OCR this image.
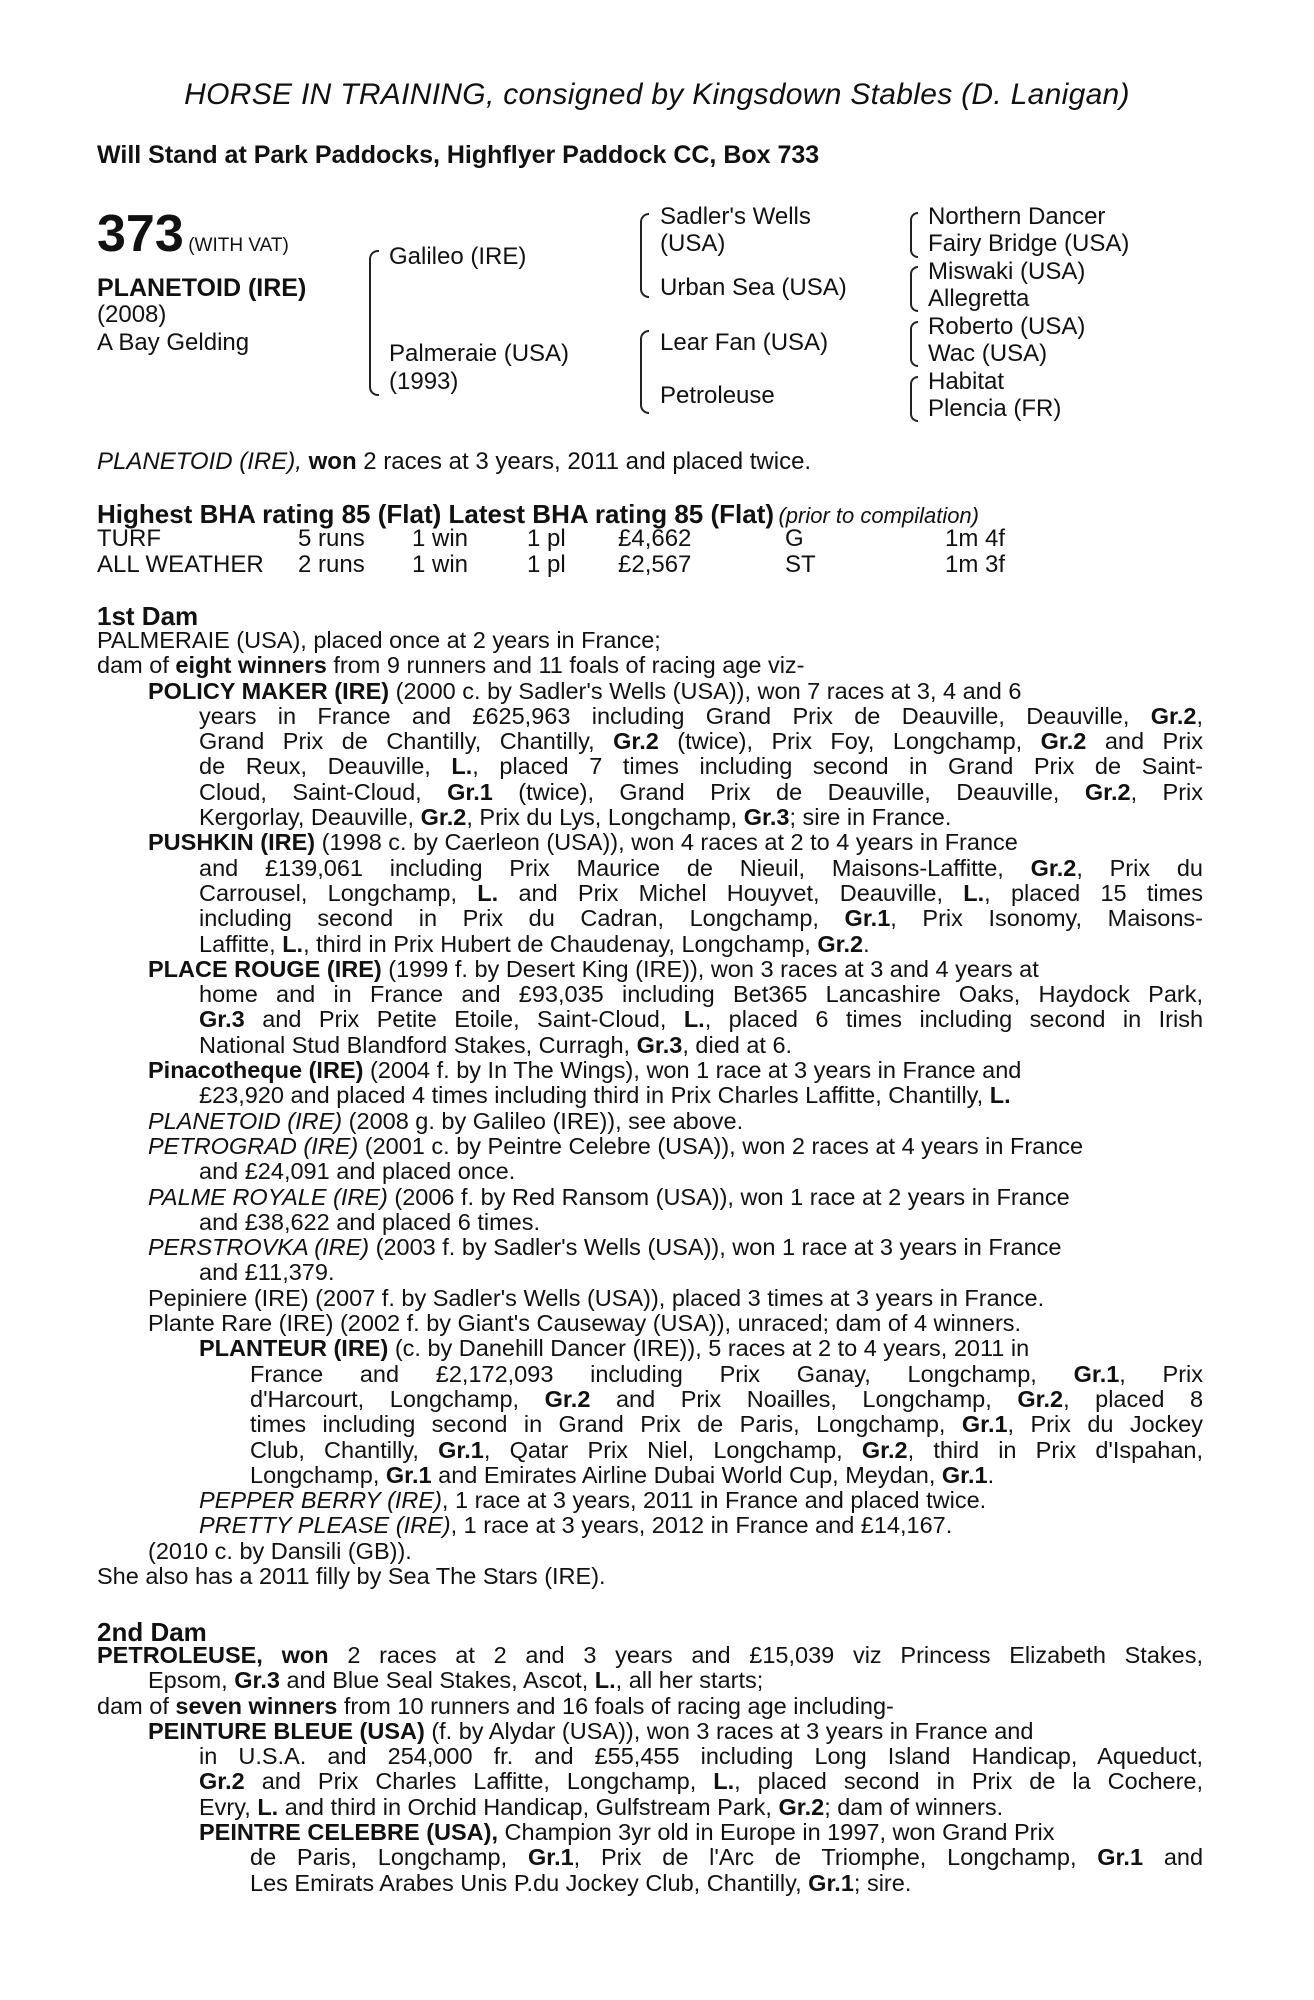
HORSE IN TRAINING, consigned by Kingsdown Stables (D. Lanigan)
Will Stand at Park Paddocks, Highflyer Paddock CC, Box 733
373 (WITH VAT)
PLANETOID (IRE)
(2008)
A Bay Gelding
Galileo (IRE)
Palmeraie (USA)
(1993)
Sadler's Wells
(USA)
Urban Sea (USA)
Lear Fan (USA)
Petroleuse
Northern Dancer
Fairy Bridge (USA)
Miswaki (USA)
Allegretta
Roberto (USA)
Wac (USA)
Habitat
Plencia (FR)
PLANETOID (IRE), won 2 races at 3 years, 2011 and placed twice.
Highest BHA rating 85 (Flat) Latest BHA rating 85 (Flat) (prior to compilation)
TURF	5 runs 1 win 1 pl £4,662	G	1m 4f
ALL WEATHER 2 runs 1 win 1 pl £2,567	ST	1m 3f
1st Dam
PALMERAIE (USA), placed once at 2 years in France;
dam of eight winners from 9 runners and 11 foals of racing age viz-
POLICY MAKER (IRE) (2000 c. by Sadler's Wells (USA)), won 7 races at 3, 4 and 6
years in France and £625,963 including Grand Prix de Deauville, Deauville, Gr.2,
Grand Prix de Chantilly, Chantilly, Gr.2 (twice), Prix Foy, Longchamp, Gr.2 and Prix
de Reux, Deauville, L., placed 7 times including second in Grand Prix de Saint-
Cloud, Saint-Cloud, Gr.1 (twice), Grand Prix de Deauville, Deauville, Gr.2, Prix
Kergorlay, Deauville, Gr.2, Prix du Lys, Longchamp, Gr.3; sire in France.
PUSHKIN (IRE) (1998 c. by Caerleon (USA)), won 4 races at 2 to 4 years in France
and £139,061 including Prix Maurice de Nieuil, Maisons-Laffitte, Gr.2, Prix du
Carrousel, Longchamp, L. and Prix Michel Houyvet, Deauville, L., placed 15 times
including second in Prix du Cadran, Longchamp, Gr.1, Prix Isonomy, Maisons-
Laffitte, L., third in Prix Hubert de Chaudenay, Longchamp, Gr.2.
PLACE ROUGE (IRE) (1999 f. by Desert King (IRE)), won 3 races at 3 and 4 years at
home and in France and £93,035 including Bet365 Lancashire Oaks, Haydock Park,
Gr.3 and Prix Petite Etoile, Saint-Cloud, L., placed 6 times including second in Irish
National Stud Blandford Stakes, Curragh, Gr.3, died at 6.
Pinacotheque (IRE) (2004 f. by In The Wings), won 1 race at 3 years in France and
£23,920 and placed 4 times including third in Prix Charles Laffitte, Chantilly, L.
PLANETOID (IRE) (2008 g. by Galileo (IRE)), see above.
PETROGRAD (IRE) (2001 c. by Peintre Celebre (USA)), won 2 races at 4 years in France
and £24,091 and placed once.
PALME ROYALE (IRE) (2006 f. by Red Ransom (USA)), won 1 race at 2 years in France
and £38,622 and placed 6 times.
PERSTROVKA (IRE) (2003 f. by Sadler's Wells (USA)), won 1 race at 3 years in France
and £11,379.
Pepiniere (IRE) (2007 f. by Sadler's Wells (USA)), placed 3 times at 3 years in France.
Plante Rare (IRE) (2002 f. by Giant's Causeway (USA)), unraced; dam of 4 winners.
PLANTEUR (IRE) (c. by Danehill Dancer (IRE)), 5 races at 2 to 4 years, 2011 in
France and £2,172,093 including Prix Ganay, Longchamp, Gr.1, Prix
d'Harcourt, Longchamp, Gr.2 and Prix Noailles, Longchamp, Gr.2, placed 8
times including second in Grand Prix de Paris, Longchamp, Gr.1, Prix du Jockey
Club, Chantilly, Gr.1, Qatar Prix Niel, Longchamp, Gr.2, third in Prix d'Ispahan,
Longchamp, Gr.1 and Emirates Airline Dubai World Cup, Meydan, Gr.1.
PEPPER BERRY (IRE), 1 race at 3 years, 2011 in France and placed twice.
PRETTY PLEASE (IRE), 1 race at 3 years, 2012 in France and £14,167.
(2010 c. by Dansili (GB)).
She also has a 2011 filly by Sea The Stars (IRE).
2nd Dam
PETROLEUSE, won 2 races at 2 and 3 years and £15,039 viz Princess Elizabeth Stakes,
Epsom, Gr.3 and Blue Seal Stakes, Ascot, L., all her starts;
dam of seven winners from 10 runners and 16 foals of racing age including-
PEINTURE BLEUE (USA) (f. by Alydar (USA)), won 3 races at 3 years in France and
in U.S.A. and 254,000 fr. and £55,455 including Long Island Handicap, Aqueduct,
Gr.2 and Prix Charles Laffitte, Longchamp, L., placed second in Prix de la Cochere,
Evry, L. and third in Orchid Handicap, Gulfstream Park, Gr.2; dam of winners.
PEINTRE CELEBRE (USA), Champion 3yr old in Europe in 1997, won Grand Prix
de Paris, Longchamp, Gr.1, Prix de l'Arc de Triomphe, Longchamp, Gr.1 and
Les Emirats Arabes Unis P.du Jockey Club, Chantilly, Gr.1; sire.
